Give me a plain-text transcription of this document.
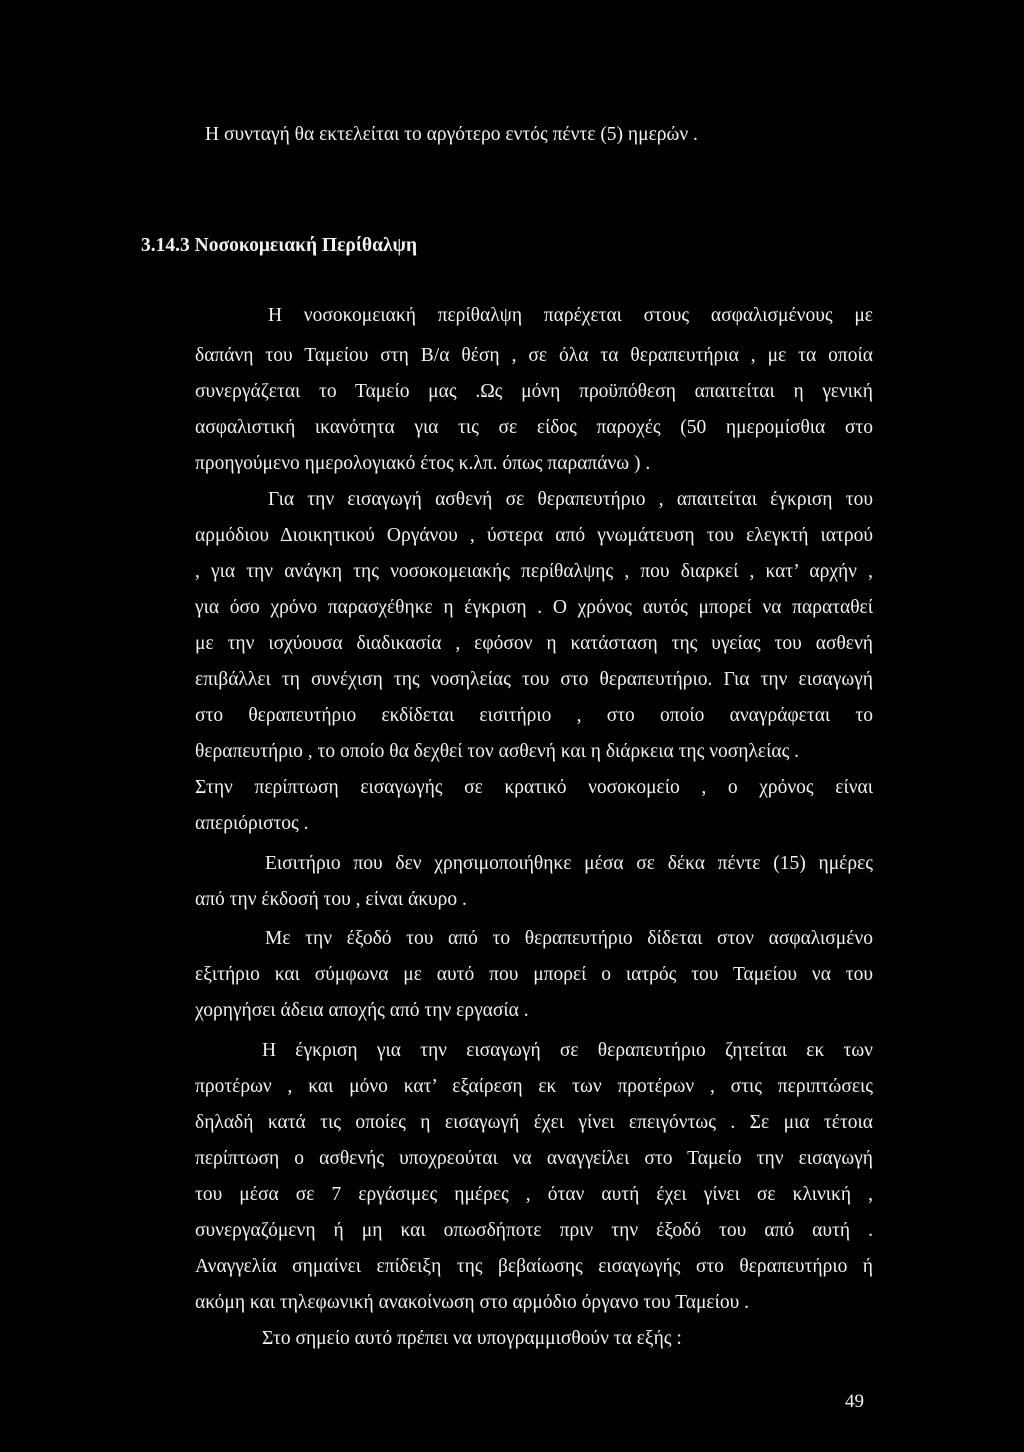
Η συνταγή θα εκτελείται το αργότερο εντός πέντε (5) ημερών .
3.14.3 Νοσοκομειακή Περίθαλψη
Η νοσοκομειακή περίθαλψη παρέχεται στους ασφαλισμένους με
δαπάνη του Ταμείου στη Β/α θέση , σε όλα τα θεραπευτήρια , με τα οποία
συνεργάζεται το Ταμείο μας .Ως μόνη προϋπόθεση απαιτείται η γενική
ασφαλιστική ικανότητα για τις σε είδος παροχές (50 ημερομίσθια στο
προηγούμενο ημερολογιακό έτος κ.λπ. όπως παραπάνω ) .
Για την εισαγωγή ασθενή σε θεραπευτήριο , απαιτείται έγκριση του
αρμόδιου Διοικητικού Οργάνου , ύστερα από γνωμάτευση του ελεγκτή ιατρού
, για την ανάγκη της νοσοκομειακής περίθαλψης , που διαρκεί , κατ’ αρχήν ,
για όσο χρόνο παρασχέθηκε η έγκριση . Ο χρόνος αυτός μπορεί να παραταθεί
με την ισχύουσα διαδικασία , εφόσον η κατάσταση της υγείας του ασθενή
επιβάλλει τη συνέχιση της νοσηλείας του στο θεραπευτήριο. Για την εισαγωγή
στο θεραπευτήριο εκδίδεται εισιτήριο , στο οποίο αναγράφεται το
θεραπευτήριο , το οποίο θα δεχθεί τον ασθενή και η διάρκεια της νοσηλείας .
Στην περίπτωση εισαγωγής σε κρατικό νοσοκομείο , ο χρόνος είναι
απεριόριστος .
Εισιτήριο που δεν χρησιμοποιήθηκε μέσα σε δέκα πέντε (15) ημέρες
από την έκδοσή του , είναι άκυρο .
Με την έξοδό του από το θεραπευτήριο δίδεται στον ασφαλισμένο
εξιτήριο και σύμφωνα με αυτό που μπορεί ο ιατρός του Ταμείου να του
χορηγήσει άδεια αποχής από την εργασία .
Η έγκριση για την εισαγωγή σε θεραπευτήριο ζητείται εκ των
προτέρων , και μόνο κατ’ εξαίρεση εκ των προτέρων , στις περιπτώσεις
δηλαδή κατά τις οποίες η εισαγωγή έχει γίνει επειγόντως . Σε μια τέτοια
περίπτωση ο ασθενής υποχρεούται να αναγγείλει στο Ταμείο την εισαγωγή
του μέσα σε 7 εργάσιμες ημέρες , όταν αυτή έχει γίνει σε κλινική ,
συνεργαζόμενη ή μη και οπωσδήποτε πριν την έξοδό του από αυτή .
Αναγγελία σημαίνει επίδειξη της βεβαίωσης εισαγωγής στο θεραπευτήριο ή
ακόμη και τηλεφωνική ανακοίνωση στο αρμόδιο όργανο του Ταμείου .
Στο σημείο αυτό πρέπει να υπογραμμισθούν τα εξής :
49
